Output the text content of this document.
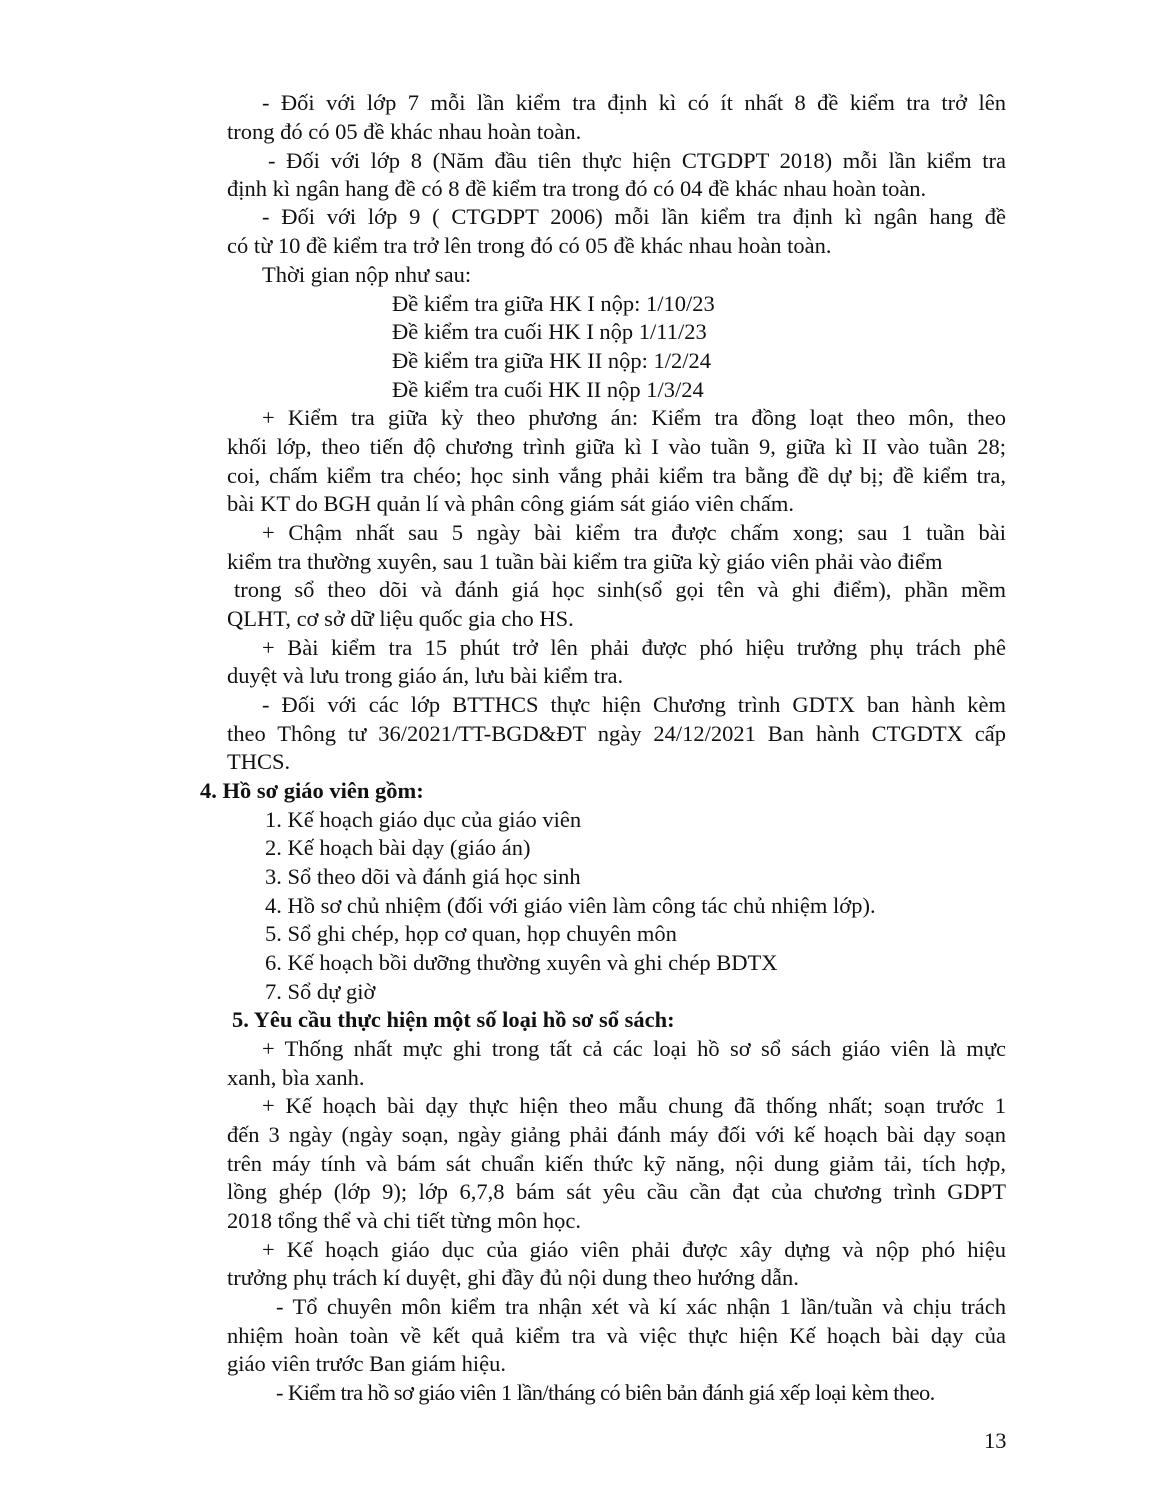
- Đối với lớp 7 mỗi lần kiểm tra định kì có ít nhất 8 đề kiểm tra trở lên

trong đó có 05 đề khác nhau hoàn toàn.

- Đối với lớp 8 (Năm đầu tiên thực hiện CTGDPT 2018) mỗi lần kiểm tra

định kì ngân hang đề có 8 đề kiểm tra trong đó có 04 đề khác nhau hoàn toàn.

- Đối với lớp 9 ( CTGDPT 2006) mỗi lần kiểm tra định kì ngân hang đề

có từ 10 đề kiểm tra trở lên trong đó có 05 đề khác nhau hoàn toàn.

Thời gian nộp như sau:

Đề kiểm tra giữa HK I nộp: 1/10/23

Đề kiểm tra cuối HK I nộp 1/11/23

Đề kiểm tra giữa HK II nộp: 1/2/24

Đề kiểm tra cuối HK II nộp 1/3/24

+ Kiểm tra giữa kỳ theo phương án: Kiểm tra đồng loạt theo môn, theo

khối lớp, theo tiến độ chương trình giữa kì I vào tuần 9, giữa kì II vào tuần 28;

coi, chấm kiểm tra chéo; học sinh vắng phải kiểm tra bằng đề dự bị; đề kiểm tra,

bài KT do BGH quản lí và phân công giám sát giáo viên chấm.

+ Chậm nhất sau 5 ngày bài kiểm tra được chấm xong; sau 1 tuần bài

kiểm tra thường xuyên, sau 1 tuần bài kiểm tra giữa kỳ giáo viên phải vào điểm

trong sổ theo dõi và đánh giá học sinh(sổ gọi tên và ghi điểm), phần mềm

QLHT, cơ sở dữ liệu quốc gia cho HS.

+ Bài kiểm tra 15 phút trở lên phải được phó hiệu trưởng phụ trách phê

duyệt và lưu trong giáo án, lưu bài kiểm tra.

- Đối với các lớp BTTHCS thực hiện Chương trình GDTX ban hành kèm

theo Thông tư 36/2021/TT-BGD&ĐT ngày 24/12/2021 Ban hành CTGDTX cấp

THCS.

4. Hồ sơ giáo viên gồm:

1. Kế hoạch giáo dục của giáo viên

2. Kế hoạch bài dạy (giáo án)

3. Sổ theo dõi và đánh giá học sinh

4. Hồ sơ chủ nhiệm (đối với giáo viên làm công tác chủ nhiệm lớp).

5. Sổ ghi chép, họp cơ quan, họp chuyên môn

6. Kế hoạch bồi dưỡng thường xuyên và ghi chép BDTX

7. Sổ dự giờ

5. Yêu cầu thực hiện một số loại hồ sơ sổ sách:

+ Thống nhất mực ghi trong tất cả các loại hồ sơ sổ sách giáo viên là mực

xanh, bìa xanh.

+ Kế hoạch bài dạy thực hiện theo mẫu chung đã thống nhất; soạn trước 1

đến 3 ngày (ngày soạn, ngày giảng phải đánh máy đối với kế hoạch bài dạy soạn

trên máy tính và bám sát chuẩn kiến thức kỹ năng, nội dung giảm tải, tích hợp,

lồng ghép (lớp 9); lớp 6,7,8 bám sát yêu cầu cần đạt của chương trình GDPT

2018 tổng thể và chi tiết từng môn học.

+ Kế hoạch giáo dục của giáo viên phải được xây dựng và nộp phó hiệu

trưởng phụ trách kí duyệt, ghi đầy đủ nội dung theo hướng dẫn.

- Tổ chuyên môn kiểm tra nhận xét và kí xác nhận 1 lần/tuần và chịu trách

nhiệm hoàn toàn về kết quả kiểm tra và việc thực hiện Kế hoạch bài dạy của

giáo viên trước Ban giám hiệu.

- Kiểm tra hồ sơ giáo viên 1 lần/tháng có biên bản đánh giá xếp loại kèm theo.

13
